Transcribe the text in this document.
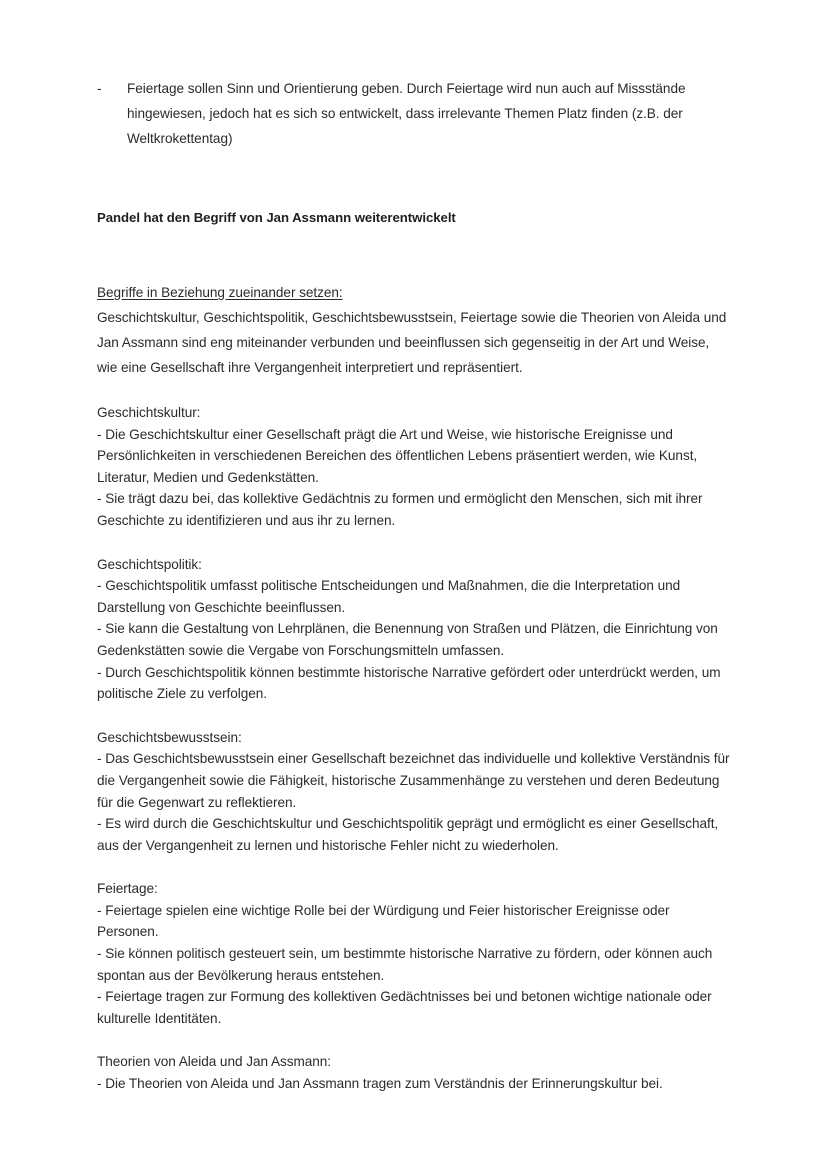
-	Feiertage sollen Sinn und Orientierung geben. Durch Feiertage wird nun auch auf Missstände hingewiesen, jedoch hat es sich so entwickelt, dass irrelevante Themen Platz finden (z.B. der Weltkrokettentag)
Pandel hat den Begriff von Jan Assmann weiterentwickelt
Begriffe in Beziehung zueinander setzen:
Geschichtskultur, Geschichtspolitik, Geschichtsbewusstsein, Feiertage sowie die Theorien von Aleida und Jan Assmann sind eng miteinander verbunden und beeinflussen sich gegenseitig in der Art und Weise, wie eine Gesellschaft ihre Vergangenheit interpretiert und repräsentiert.
Geschichtskultur:
- Die Geschichtskultur einer Gesellschaft prägt die Art und Weise, wie historische Ereignisse und Persönlichkeiten in verschiedenen Bereichen des öffentlichen Lebens präsentiert werden, wie Kunst, Literatur, Medien und Gedenkstätten.
- Sie trägt dazu bei, das kollektive Gedächtnis zu formen und ermöglicht den Menschen, sich mit ihrer Geschichte zu identifizieren und aus ihr zu lernen.
Geschichtspolitik:
- Geschichtspolitik umfasst politische Entscheidungen und Maßnahmen, die die Interpretation und Darstellung von Geschichte beeinflussen.
- Sie kann die Gestaltung von Lehrplänen, die Benennung von Straßen und Plätzen, die Einrichtung von Gedenkstätten sowie die Vergabe von Forschungsmitteln umfassen.
- Durch Geschichtspolitik können bestimmte historische Narrative gefördert oder unterdrückt werden, um politische Ziele zu verfolgen.
Geschichtsbewusstsein:
- Das Geschichtsbewusstsein einer Gesellschaft bezeichnet das individuelle und kollektive Verständnis für die Vergangenheit sowie die Fähigkeit, historische Zusammenhänge zu verstehen und deren Bedeutung für die Gegenwart zu reflektieren.
- Es wird durch die Geschichtskultur und Geschichtspolitik geprägt und ermöglicht es einer Gesellschaft, aus der Vergangenheit zu lernen und historische Fehler nicht zu wiederholen.
Feiertage:
- Feiertage spielen eine wichtige Rolle bei der Würdigung und Feier historischer Ereignisse oder Personen.
- Sie können politisch gesteuert sein, um bestimmte historische Narrative zu fördern, oder können auch spontan aus der Bevölkerung heraus entstehen.
- Feiertage tragen zur Formung des kollektiven Gedächtnisses bei und betonen wichtige nationale oder kulturelle Identitäten.
Theorien von Aleida und Jan Assmann:
- Die Theorien von Aleida und Jan Assmann tragen zum Verständnis der Erinnerungskultur bei.
